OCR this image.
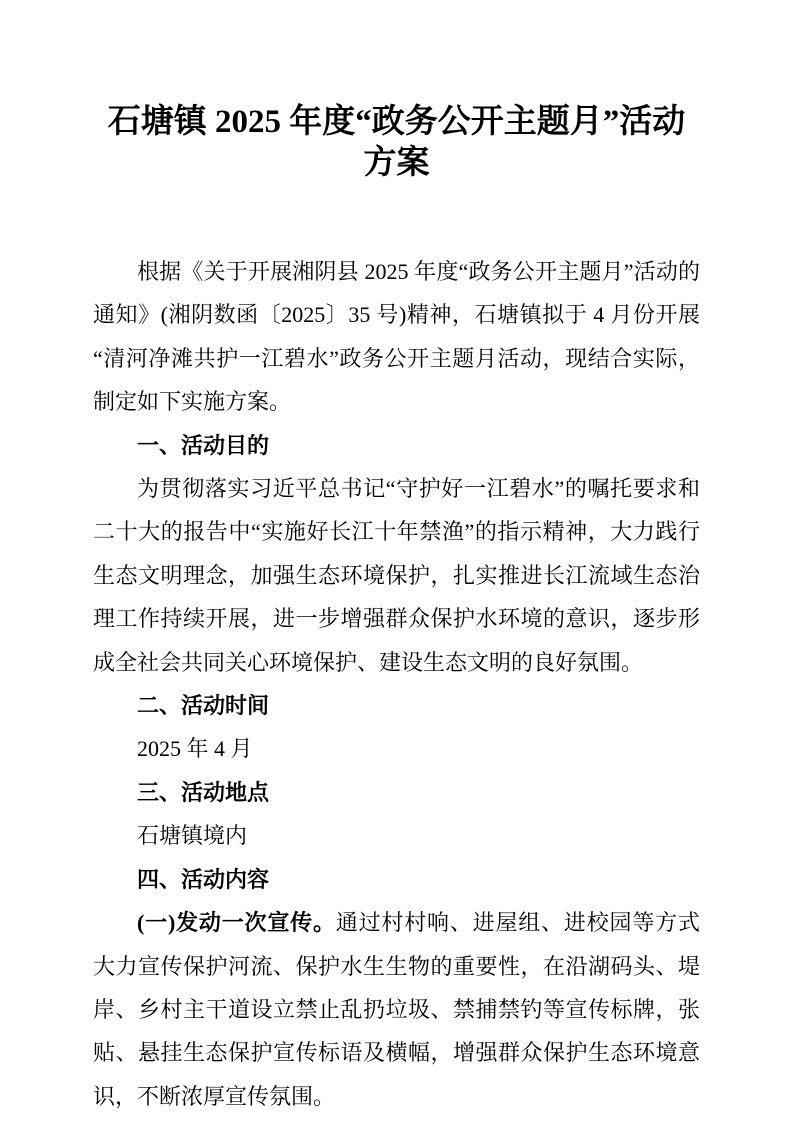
石塘镇 2025 年度“政务公开主题月”活动方案

根据《关于开展湘阴县 2025 年度“政务公开主题月”活动的通知》(湘阴数函〔2025〕35 号)精神，石塘镇拟于 4 月份开展“清河净滩共护一江碧水”政务公开主题月活动，现结合实际，制定如下实施方案。

一、活动目的

为贯彻落实习近平总书记“守护好一江碧水”的嘱托要求和二十大的报告中“实施好长江十年禁渔”的指示精神，大力践行生态文明理念，加强生态环境保护，扎实推进长江流域生态治理工作持续开展，进一步增强群众保护水环境的意识，逐步形成全社会共同关心环境保护、建设生态文明的良好氛围。

二、活动时间

2025 年 4 月

三、活动地点

石塘镇境内

四、活动内容

(一)发动一次宣传。通过村村响、进屋组、进校园等方式大力宣传保护河流、保护水生生物的重要性，在沿湖码头、堤岸、乡村主干道设立禁止乱扔垃圾、禁捕禁钓等宣传标牌，张贴、悬挂生态保护宣传标语及横幅，增强群众保护生态环境意识，不断浓厚宣传氛围。
